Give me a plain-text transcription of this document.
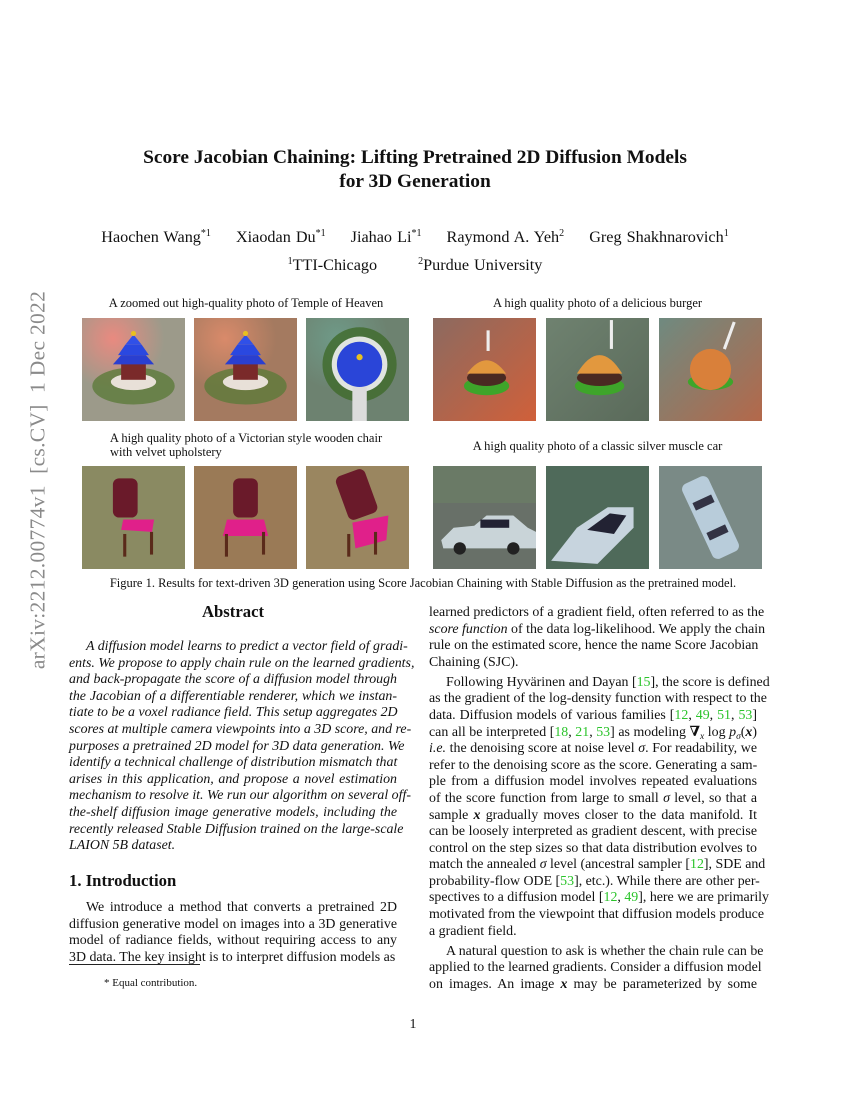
arXiv:2212.00774v1  [cs.CV]  1 Dec 2022
Score Jacobian Chaining: Lifting Pretrained 2D Diffusion Models
for 3D Generation
Haochen Wang$^{*1}$ Xiaodan Du$^{*1}$ Jiahao Li$^{*1}$ Raymond A. Yeh$^2$ Greg Shakhnarovich$^1$
$^1$TTI-Chicago	$^2$Purdue University
A zoomed out high-quality photo of Temple of Heaven	A high quality photo of a delicious burger
A high quality photo of a Victorian style wooden chair
with velvet upholstery	A high quality photo of a classic silver muscle car
Figure 1. Results for text-driven 3D generation using Score Jacobian Chaining with Stable Diffusion as the pretrained model.
Abstract
A diffusion model learns to predict a vector field of gradi-
ents. We propose to apply chain rule on the learned gradients,
and back-propagate the score of a diffusion model through
the Jacobian of a differentiable renderer, which we instan-
tiate to be a voxel radiance field. This setup aggregates 2D
scores at multiple camera viewpoints into a 3D score, and re-
purposes a pretrained 2D model for 3D data generation. We
identify a technical challenge of distribution mismatch that
arises in this application, and propose a novel estimation
mechanism to resolve it. We run our algorithm on several off-
the-shelf diffusion image generative models, including the
recently released Stable Diffusion trained on the large-scale
LAION 5B dataset.
1. Introduction
We introduce a method that converts a pretrained 2D
diffusion generative model on images into a 3D generative
model of radiance fields, without requiring access to any
3D data. The key insight is to interpret diffusion models as
* Equal contribution.
learned predictors of a gradient field, often referred to as the
score function of the data log-likelihood. We apply the chain
rule on the estimated score, hence the name Score Jacobian
Chaining (SJC).
Following Hyvärinen and Dayan [15], the score is defined
as the gradient of the log-density function with respect to the
data. Diffusion models of various families [12, 49, 51, 53]
can all be interpreted [18, 21, 53] as modeling $\nabla_x$ $\log p_\sigma(x)$
i.e. the denoising score at noise level σ. For readability, we
refer to the denoising score as the score. Generating a sam-
ple from a diffusion model involves repeated evaluations
of the score function from large to small σ level, so that a
sample x gradually moves closer to the data manifold. It
can be loosely interpreted as gradient descent, with precise
control on the step sizes so that data distribution evolves to
match the annealed σ level (ancestral sampler [12], SDE and
probability-flow ODE [53], etc.). While there are other per-
spectives to a diffusion model [12, 49], here we are primarily
motivated from the viewpoint that diffusion models produce
a gradient field.
A natural question to ask is whether the chain rule can be
applied to the learned gradients. Consider a diffusion model
on images. An image x may be parameterized by some
1
